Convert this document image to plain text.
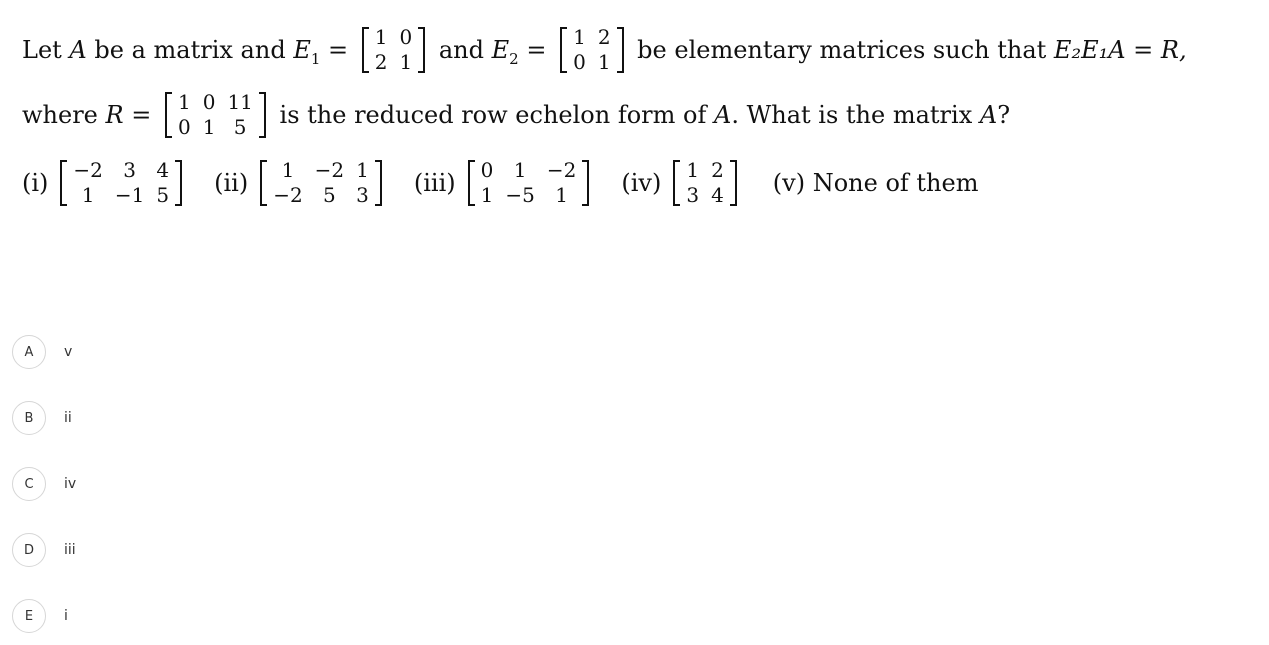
Let A be a matrix and $E_1 = 1$	0
2	1 and $E_2 = 1$	2
0	1 be elementary matrices such that E₂E₁A = R,
where R = 1	0	11
0	1	5 is the reduced row echelon form of A . What is the matrix A ?
(i) −2	3	4
1	−1	5 (ii) 1	−2	1
−2	5	3 (iii) 0	1	−2
1	−5	1 (iv) 1	2
3	4 (v) None of them
A	v
B	ii
C	iv
D	iii
E	i
